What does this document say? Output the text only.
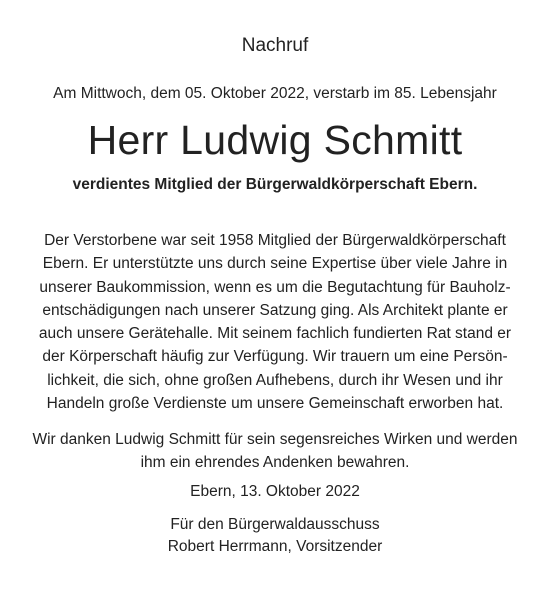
Nachruf
Am Mittwoch, dem 05. Oktober 2022, verstarb im 85. Lebensjahr
Herr Ludwig Schmitt
verdientes Mitglied der Bürgerwaldkörperschaft Ebern.
Der Verstorbene war seit 1958 Mitglied der Bürgerwaldkörperschaft
Ebern. Er unterstützte uns durch seine Expertise über viele Jahre in
unserer Baukommission, wenn es um die Begutachtung für Bauholz-
entschädigungen nach unserer Satzung ging. Als Architekt plante er
auch unsere Gerätehalle. Mit seinem fachlich fundierten Rat stand er
der Körperschaft häufig zur Verfügung. Wir trauern um eine Persön-
lichkeit, die sich, ohne großen Aufhebens, durch ihr Wesen und ihr
Handeln große Verdienste um unsere Gemeinschaft erworben hat.
Wir danken Ludwig Schmitt für sein segensreiches Wirken und werden
ihm ein ehrendes Andenken bewahren.
Ebern, 13. Oktober 2022
Für den Bürgerwaldausschuss
Robert Herrmann, Vorsitzender
